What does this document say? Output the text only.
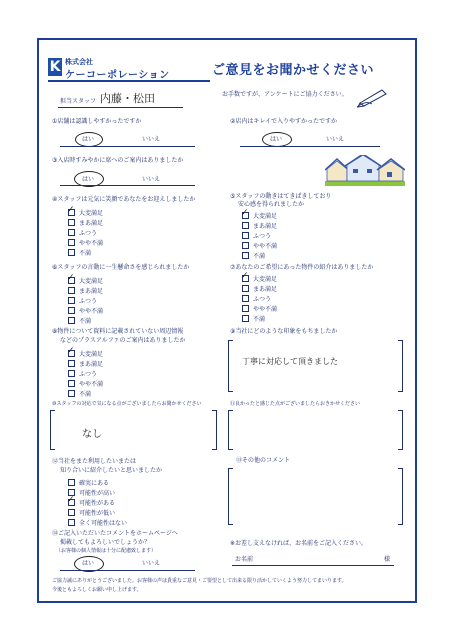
K 株式会社
ケーコーポレーション	ご意見をお聞かせください
担当スタッフ 内藤・松田	お手数ですが、アンケートにご協力ください。
①店舗は認識しやすかったですか
はい	いいえ
②店内はキレイで入りやすかったですか
はい	いいえ
③入店時すみやかに席へのご案内はありましたか
はい	いいえ
④スタッフは元気に笑顔であなたをお迎えしましたか
大変満足
まあ満足
ふつう
やや不満
不満
✓
⑤スタッフの動きはてきぱきしており
安心感を得られましたか
大変満足
まあ満足
ふつう
やや不満
不満
✓
⑥スタッフの言動に一生懸命さを感じられましたか
大変満足
まあ満足
ふつう
やや不満
不満
✓
⑦あなたのご希望にあった物件の紹介はありましたか
大変満足
まあ満足
ふつう
やや不満
不満
✓
⑧物件について資料に記載されていない周辺情報
などのプラスアルファのご案内はありましたか
大変満足
まあ満足
ふつう
やや不満
不満
✓
⑨当社にどのような印象をもちましたか
丁寧に対応して頂きました
⑩スタッフの対応で気になる点がございましたらお聞かせください
なし
⑪良かったと感じた点がございましたらおきかせください
⑫当社をまた利用したいまたは
知り合いに紹介したいと思いましたか
確実にある
可能性が高い
可能性がある
可能性が低い
全く可能性はない
✓
⑬その他のコメント
⑭ご記入いただいたコメントをホームページへ
掲載してもよろしいでしょうか？
（お客様の個人情報は十分に配慮致します）
はい	いいえ
※お差し支えなければ、お名前をご記入ください。
お名前	様
ご協力誠にありがとうございました。お客様の声は貴重なご意見・ご要望として出来る限り活かしていくよう努力してまいります。
今後ともよろしくお願い申し上げます。
